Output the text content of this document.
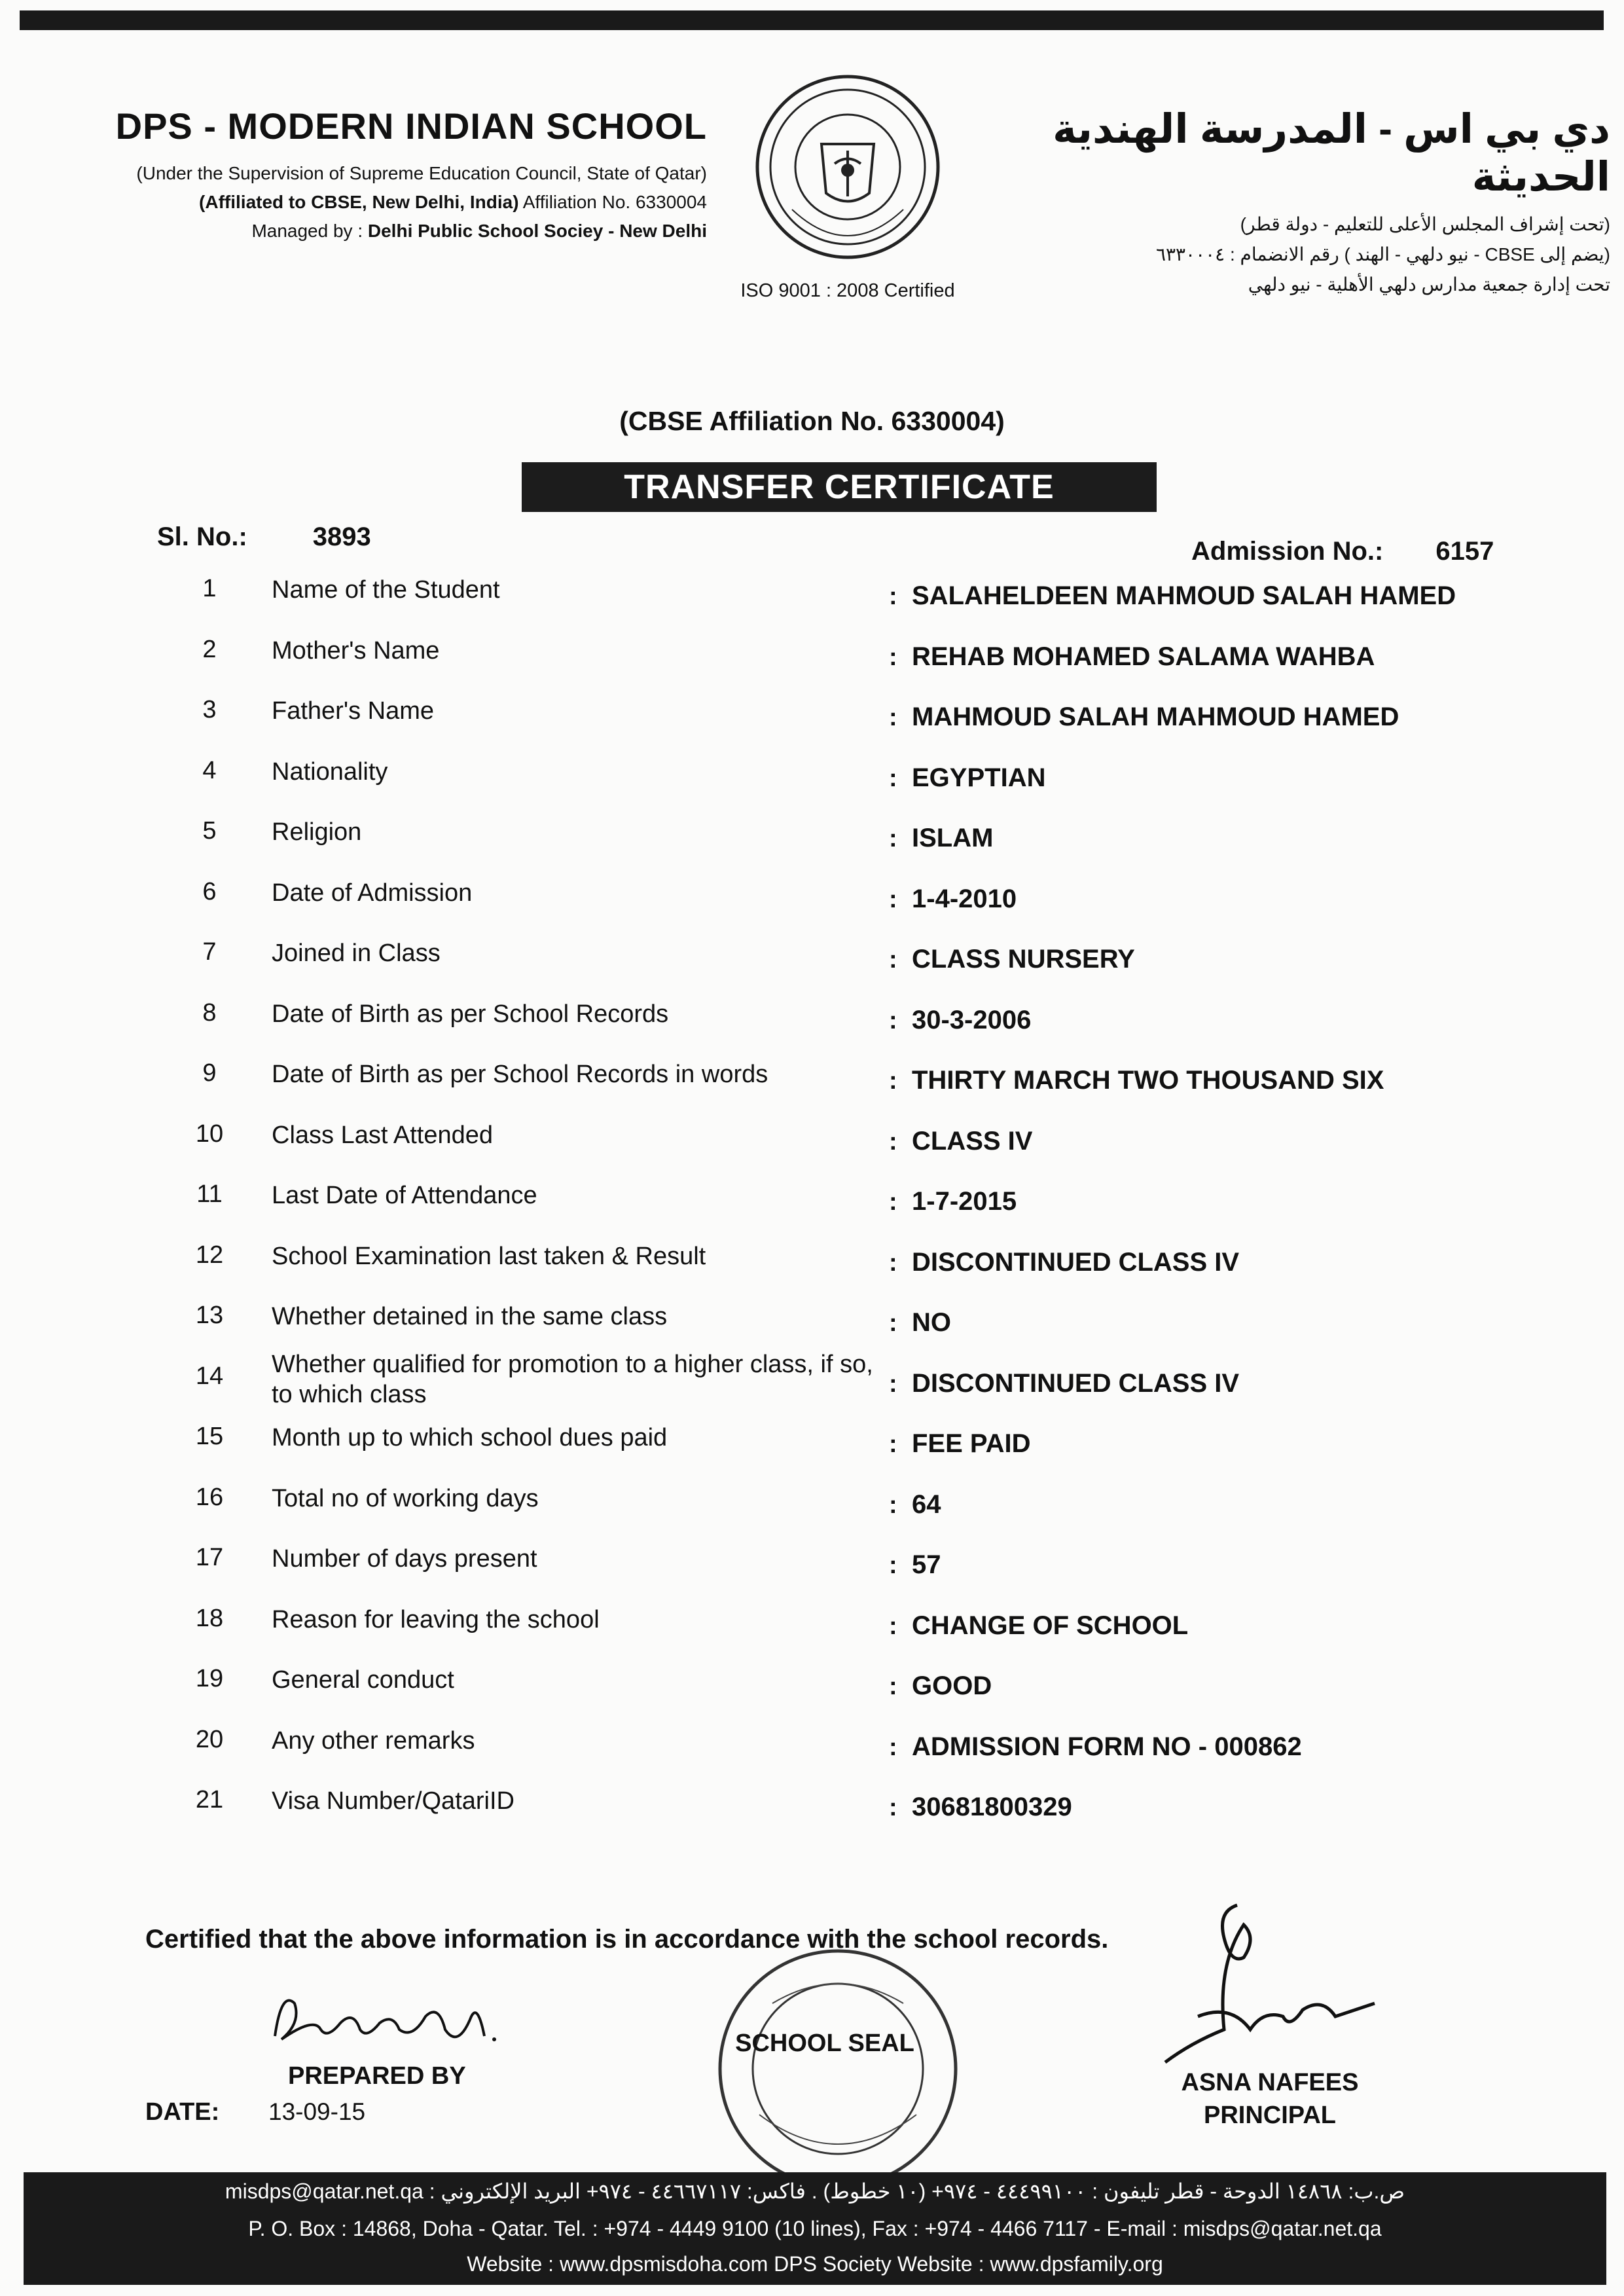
DPS - MODERN INDIAN SCHOOL
(Under the Supervision of Supreme Education Council, State of Qatar)
(Affiliated to CBSE, New Delhi, India) Affiliation No. 6330004
Managed by : Delhi Public School Sociey - New Delhi
ISO 9001 : 2008 Certified
دي بي اس - المدرسة الهندية الحديثة
(تحت إشراف المجلس الأعلى للتعليم - دولة قطر)
(يضم إلى CBSE - نيو دلهي - الهند ) رقم الانضمام : ٦٣٣٠٠٠٤
تحت إدارة جمعية مدارس دلهي الأهلية - نيو دلهي
(CBSE Affiliation No. 6330004)
TRANSFER CERTIFICATE
Sl. No.:	3893	Admission No.: 6157
1	Name of the Student	: SALAHELDEEN MAHMOUD SALAH HAMED
2	Mother's Name	: REHAB MOHAMED SALAMA WAHBA
3	Father's Name	: MAHMOUD SALAH MAHMOUD HAMED
4	Nationality	: EGYPTIAN
5	Religion	: ISLAM
6	Date of Admission	: 1-4-2010
7	Joined in Class	: CLASS NURSERY
8	Date of Birth as per School Records	: 30-3-2006
9	Date of Birth as per School Records in words	: THIRTY MARCH TWO THOUSAND SIX
10 Class Last Attended	: CLASS IV
11 Last Date of Attendance	: 1-7-2015
12 School Examination last taken & Result	: DISCONTINUED CLASS IV
13 Whether detained in the same class	: NO
14 Whether qualified for promotion to a higher class, if so, to which class	: DISCONTINUED CLASS IV
15 Month up to which school dues paid	: FEE PAID
16 Total no of working days	: 64
17 Number of days present	: 57
18 Reason for leaving the school	: CHANGE OF SCHOOL
19 General conduct	: GOOD
20 Any other remarks	: ADMISSION FORM NO - 000862
21 Visa Number/QatariID	: 30681800329
Certified that the above information is in accordance with the school records.
PREPARED BY
DATE: 13-09-15
SCHOOL SEAL
ASNA NAFEES
PRINCIPAL
ص.ب: ١٤٨٦٨ الدوحة - قطر تليفون : ٤٤٤٩٩١٠٠ - ٩٧٤+ (١٠ خطوط) . فاكس: ٤٤٦٦٧١١٧ - ٩٧٤+ البريد الإلكتروني : misdps@qatar.net.qa
P. O. Box : 14868, Doha - Qatar. Tel. : +974 - 4449 9100 (10 lines), Fax : +974 - 4466 7117 - E-mail : misdps@qatar.net.qa
Website : www.dpsmisdoha.com DPS Society Website : www.dpsfamily.org
